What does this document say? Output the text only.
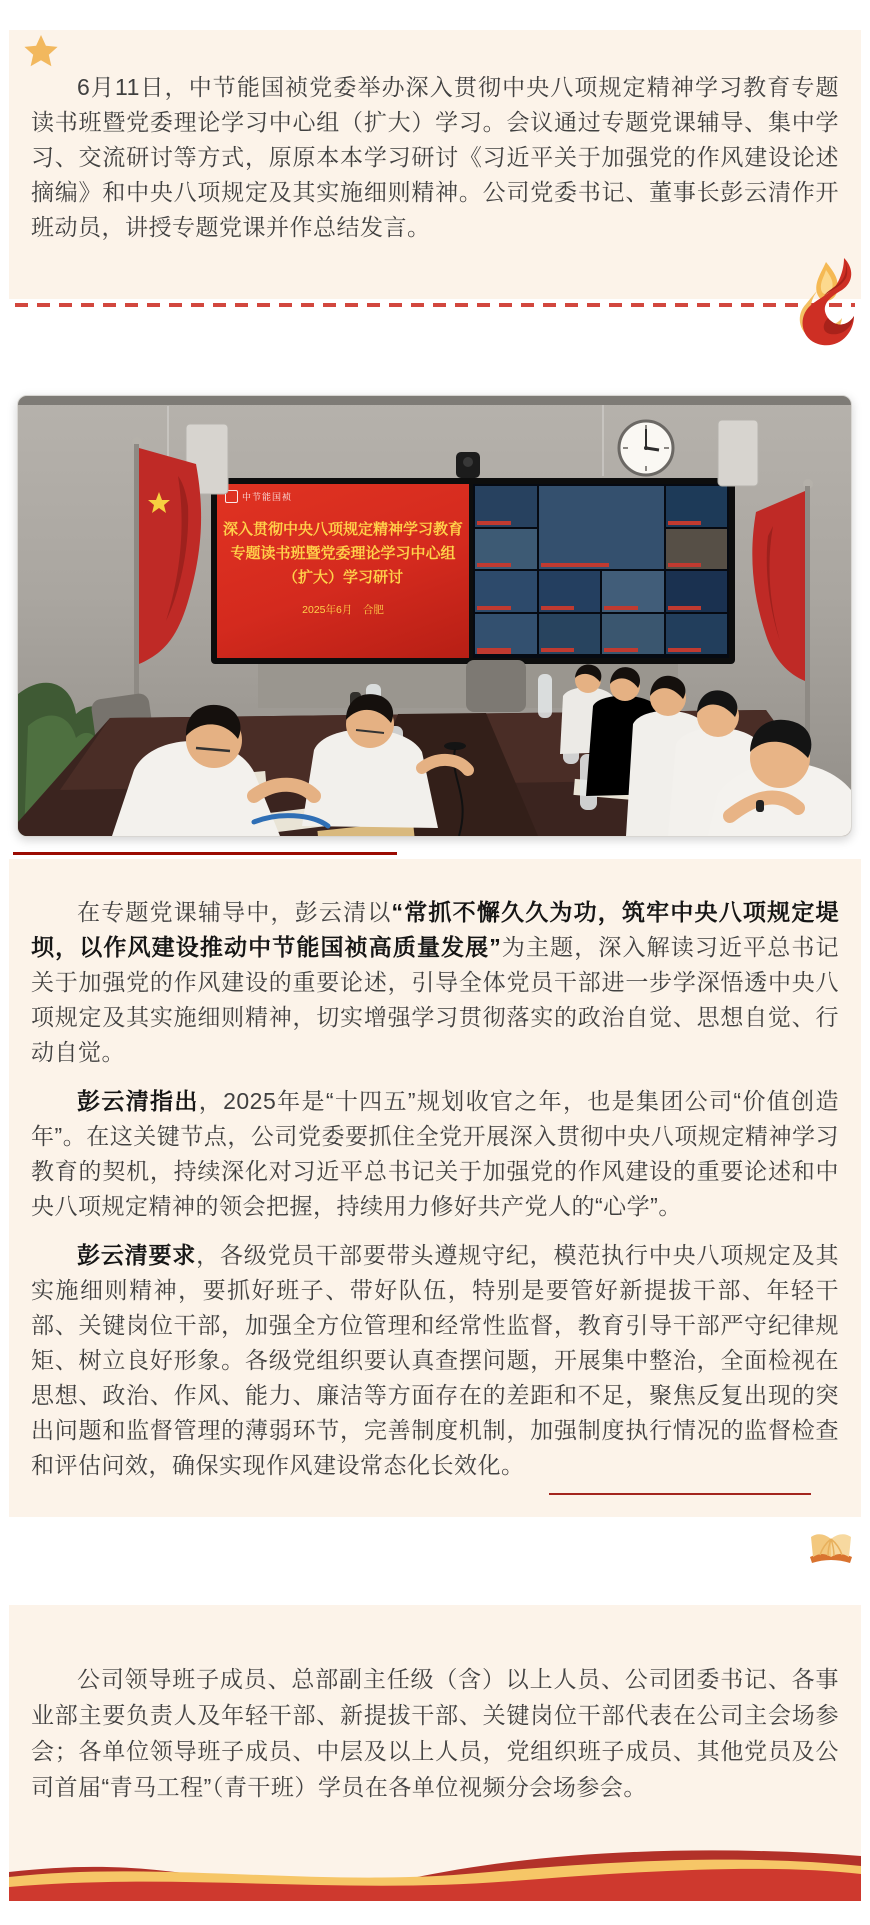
6月11日，中节能国祯党委举办深入贯彻中央八项规定精神学习教育专题读书班暨党委理论学习中心组（扩大）学习。会议通过专题党课辅导、集中学习、交流研讨等方式，原原本本学习研讨《习近平关于加强党的作风建设论述摘编》和中央八项规定及其实施细则精神。公司党委书记、董事长彭云清作开班动员，讲授专题党课并作总结发言。

中节能国祯
深入贯彻中央八项规定精神学习教育
专题读书班暨党委理论学习中心组
（扩大）学习研讨
2025年6月　合肥

在专题党课辅导中，彭云清以“常抓不懈久久为功，筑牢中央八项规定堤坝，以作风建设推动中节能国祯高质量发展”为主题，深入解读习近平总书记关于加强党的作风建设的重要论述，引导全体党员干部进一步学深悟透中央八项规定及其实施细则精神，切实增强学习贯彻落实的政治自觉、思想自觉、行动自觉。

彭云清指出，2025年是“十四五”规划收官之年，也是集团公司“价值创造年”。在这关键节点，公司党委要抓住全党开展深入贯彻中央八项规定精神学习教育的契机，持续深化对习近平总书记关于加强党的作风建设的重要论述和中央八项规定精神的领会把握，持续用力修好共产党人的“心学”。

彭云清要求，各级党员干部要带头遵规守纪，模范执行中央八项规定及其实施细则精神，要抓好班子、带好队伍，特别是要管好新提拔干部、年轻干部、关键岗位干部，加强全方位管理和经常性监督，教育引导干部严守纪律规矩、树立良好形象。各级党组织要认真查摆问题，开展集中整治，全面检视在思想、政治、作风、能力、廉洁等方面存在的差距和不足，聚焦反复出现的突出问题和监督管理的薄弱环节，完善制度机制，加强制度执行情况的监督检查和评估问效，确保实现作风建设常态化长效化。

公司领导班子成员、总部副主任级（含）以上人员、公司团委书记、各事业部主要负责人及年轻干部、新提拔干部、关键岗位干部代表在公司主会场参会；各单位领导班子成员、中层及以上人员，党组织班子成员、其他党员及公司首届“青马工程”（青干班）学员在各单位视频分会场参会。
